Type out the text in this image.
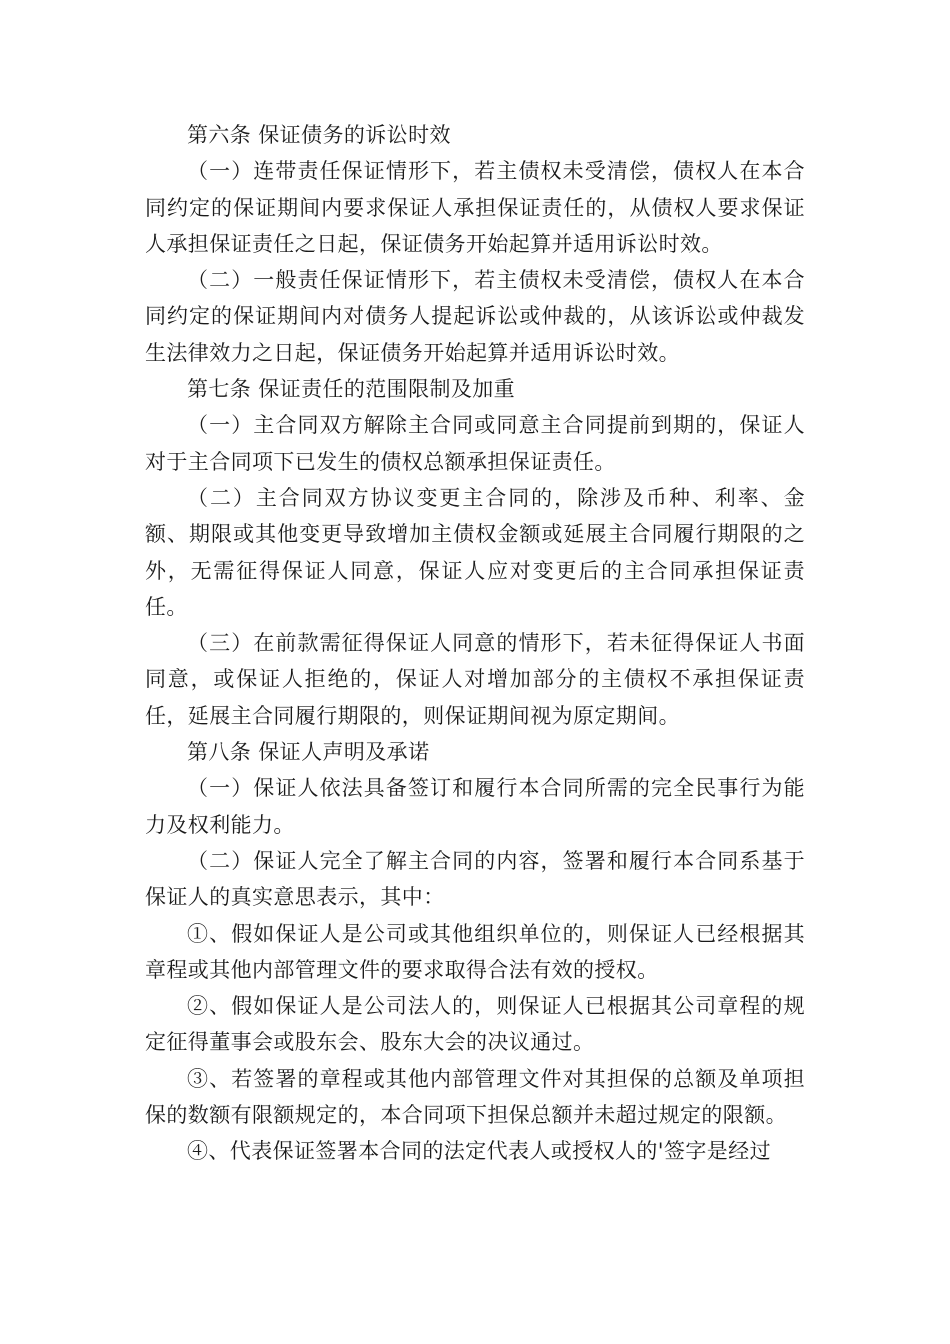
第六条 保证债务的诉讼时效

（一）连带责任保证情形下，若主债权未受清偿，债权人在本合同约定的保证期间内要求保证人承担保证责任的，从债权人要求保证人承担保证责任之日起，保证债务开始起算并适用诉讼时效。

（二）一般责任保证情形下，若主债权未受清偿，债权人在本合同约定的保证期间内对债务人提起诉讼或仲裁的，从该诉讼或仲裁发生法律效力之日起，保证债务开始起算并适用诉讼时效。

第七条 保证责任的范围限制及加重

（一）主合同双方解除主合同或同意主合同提前到期的，保证人对于主合同项下已发生的债权总额承担保证责任。

（二）主合同双方协议变更主合同的，除涉及币种、利率、金额、期限或其他变更导致增加主债权金额或延展主合同履行期限的之外，无需征得保证人同意，保证人应对变更后的主合同承担保证责任。

（三）在前款需征得保证人同意的情形下，若未征得保证人书面同意，或保证人拒绝的，保证人对增加部分的主债权不承担保证责任，延展主合同履行期限的，则保证期间视为原定期间。

第八条 保证人声明及承诺

（一）保证人依法具备签订和履行本合同所需的完全民事行为能力及权利能力。

（二）保证人完全了解主合同的内容，签署和履行本合同系基于保证人的真实意思表示，其中：

①、假如保证人是公司或其他组织单位的，则保证人已经根据其章程或其他内部管理文件的要求取得合法有效的授权。

②、假如保证人是公司法人的，则保证人已根据其公司章程的规定征得董事会或股东会、股东大会的决议通过。

③、若签署的章程或其他内部管理文件对其担保的总额及单项担保的数额有限额规定的，本合同项下担保总额并未超过规定的限额。

④、代表保证签署本合同的法定代表人或授权人的'签字是经过
